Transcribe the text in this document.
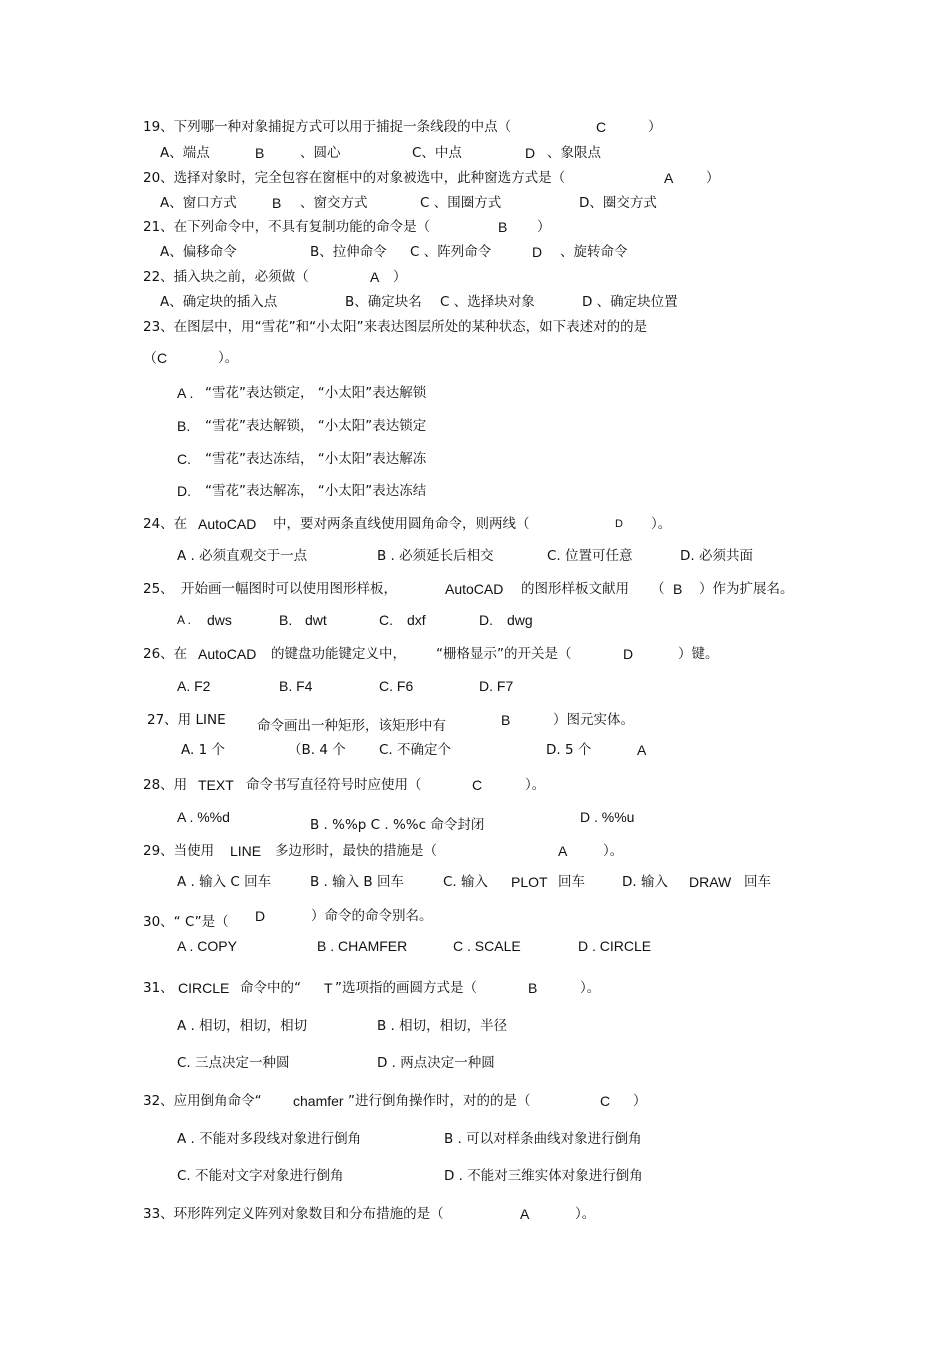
19、下列哪一种对象捕捉方式可以用于捕捉一条线段的中点（	C	）
A、端点	B	、圆心	C、中点	D 、象限点
20、选择对象时，完全包容在窗框中的对象被选中，此种窗选方式是（	A ）
A、窗口方式	B 、窗交方式	C 、围圈方式	D、圈交方式
21、在下列命令中，不具有复制功能的命令是（	B ）
A、偏移命令	B、拉伸命令 C 、阵列命令	D 、旋转命令
22、插入块之前，必须做（	A ）
A、确定块的插入点	B、确定块名 C 、选择块对象	D 、确定块位置
23、在图层中，用“雪花”和“小太阳”来表达图层所处的某种状态，如下表述对的的是
（C	）。
A . “雪花”表达锁定， “小太阳”表达解锁
B. “雪花”表达解锁， “小太阳”表达锁定
C. “雪花”表达冻结， “小太阳”表达解冻
D. “雪花”表达解冻， “小太阳”表达冻结
24、在 AutoCAD 中，要对两条直线使用圆角命令，则两线（	D ）。
A . 必须直观交于一点	B . 必须延长后相交	C. 位置可任意	D. 必须共面
25、 开始画一幅图时可以使用图形样板，	AutoCAD 的图形样板文献用 （ B ）作为扩展名。
A . dws	B. dwt	C. dxf	D. dwg
26、在 AutoCAD 的键盘功能键定义中， “栅格显示”的开关是（	D	）键。
A. F2	B. F4	C. F6	D. F7
27、用 LINE 命令画出一种矩形，该矩形中有	B	）图元实体。
A. 1 个	（B. 4 个 C. 不确定个	D. 5 个	A
28、用 TEXT 命令书写直径符号时应使用（	C	）。
A . %%d	B . %%p C . %%c 命令封闭	D . %%u
29、当使用 LINE 多边形时，最快的措施是（	A	）。
A . 输入 C 回车	B . 输入 B 回车	C. 输入 PLOT 回车	D. 输入 DRAW 回车
30、“ C”是（ D	）命令的命令别名。
A . COPY	B . CHAMFER	C . SCALE	D . CIRCLE
31、 CIRCLE 命令中的“ T ”选项指的画圆方式是（	B	）。
A . 相切，相切，相切	B . 相切，相切，半径
C. 三点决定一种圆	D . 两点决定一种圆
32、应用倒角命令“ chamfer ”进行倒角操作时，对的的是（	C ）
A . 不能对多段线对象进行倒角	B . 可以对样条曲线对象进行倒角
C. 不能对文字对象进行倒角	D . 不能对三维实体对象进行倒角
33、环形阵列定义阵列对象数目和分布措施的是（	A	）。
